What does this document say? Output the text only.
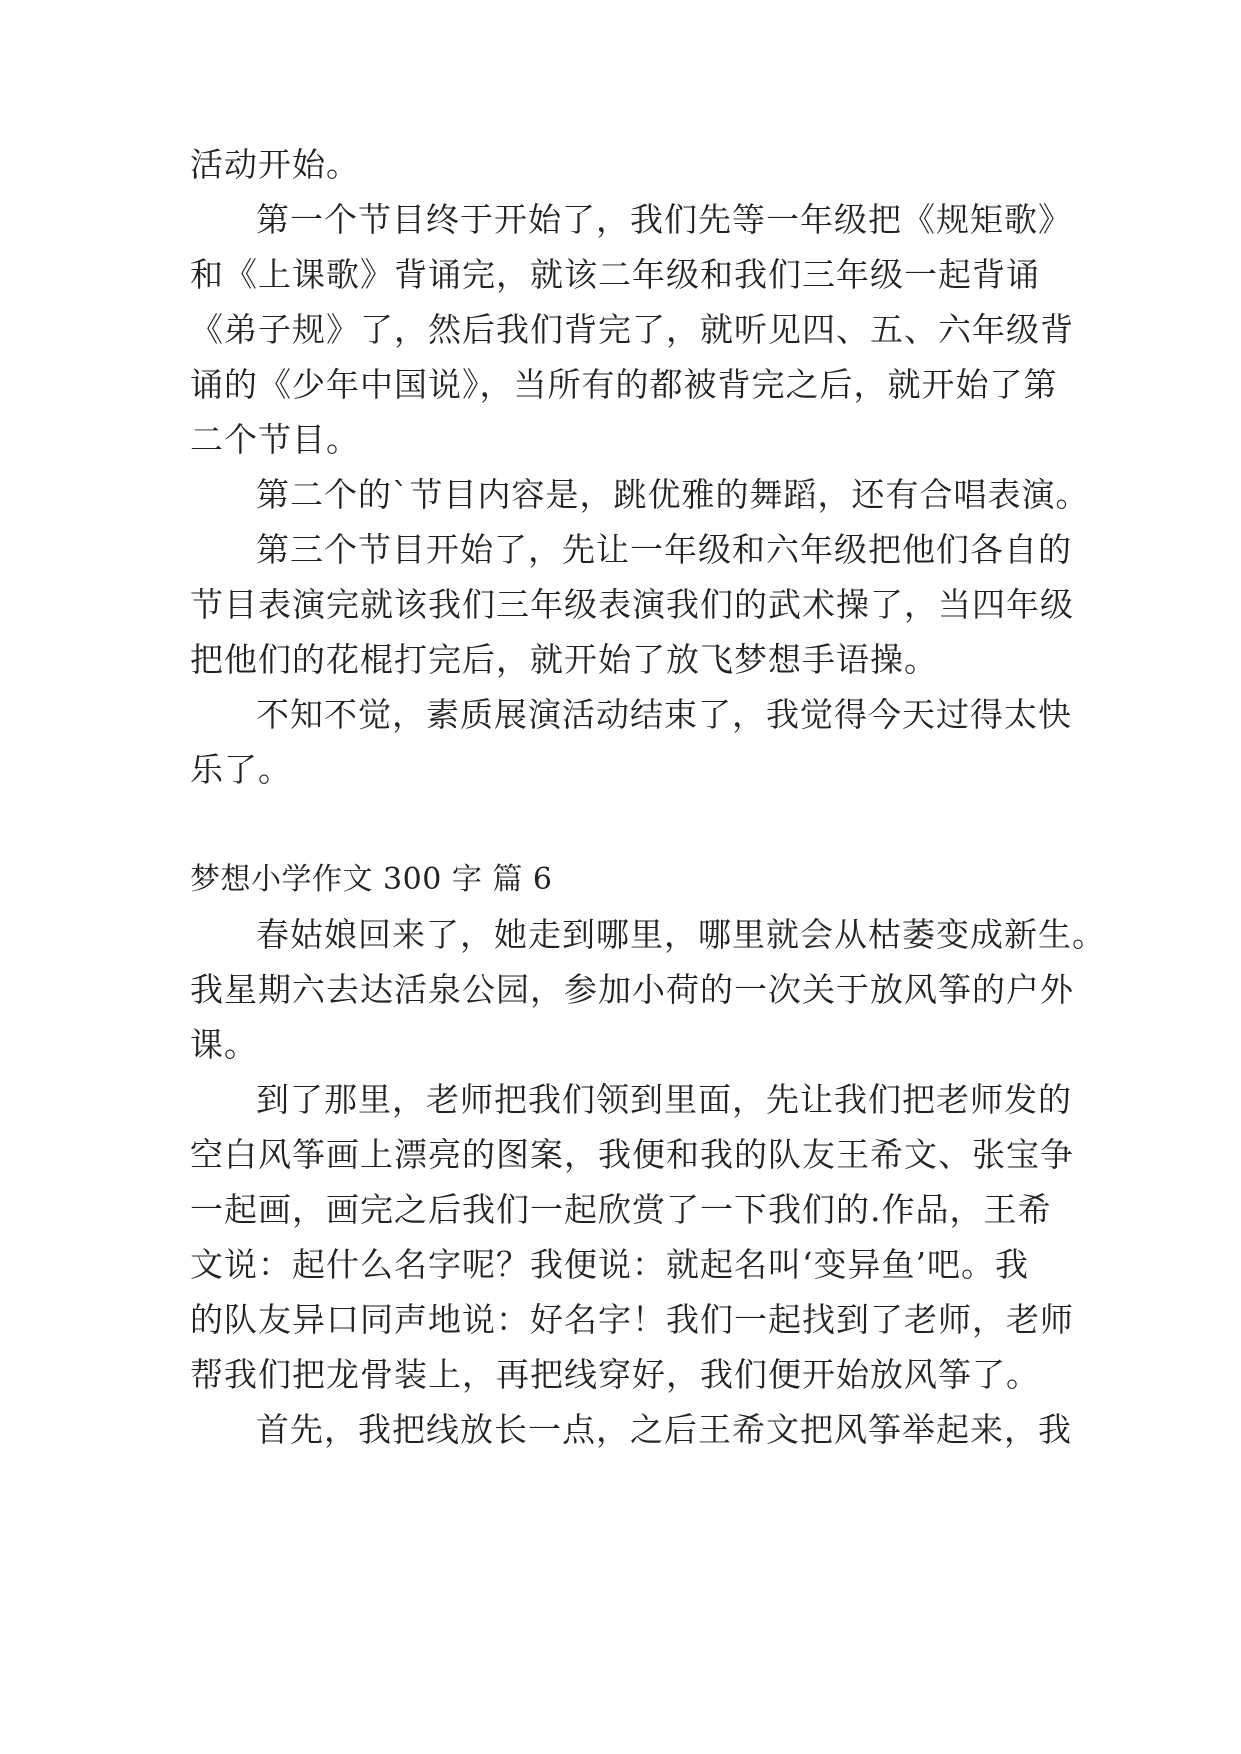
活动开始。
第一个节目终于开始了，我们先等一年级把《规矩歌》
和《上课歌》背诵完，就该二年级和我们三年级一起背诵
《弟子规》了，然后我们背完了，就听见四、五、六年级背
诵的《少年中国说》，当所有的都被背完之后，就开始了第
二个节目。
第二个的`节目内容是，跳优雅的舞蹈，还有合唱表演。
第三个节目开始了，先让一年级和六年级把他们各自的
节目表演完就该我们三年级表演我们的武术操了，当四年级
把他们的花棍打完后，就开始了放飞梦想手语操。
不知不觉，素质展演活动结束了，我觉得今天过得太快
乐了。
梦想小学作文 300 字 篇 6
春姑娘回来了，她走到哪里，哪里就会从枯萎变成新生。
我星期六去达活泉公园，参加小荷的一次关于放风筝的户外
课。
到了那里，老师把我们领到里面，先让我们把老师发的
空白风筝画上漂亮的图案，我便和我的队友王希文、张宝争
一起画，画完之后我们一起欣赏了一下我们的.作品，王希
文说：起什么名字呢？我便说：就起名叫‘变异鱼’吧。我
的队友异口同声地说：好名字！我们一起找到了老师，老师
帮我们把龙骨装上，再把线穿好，我们便开始放风筝了。
首先，我把线放长一点，之后王希文把风筝举起来，我
